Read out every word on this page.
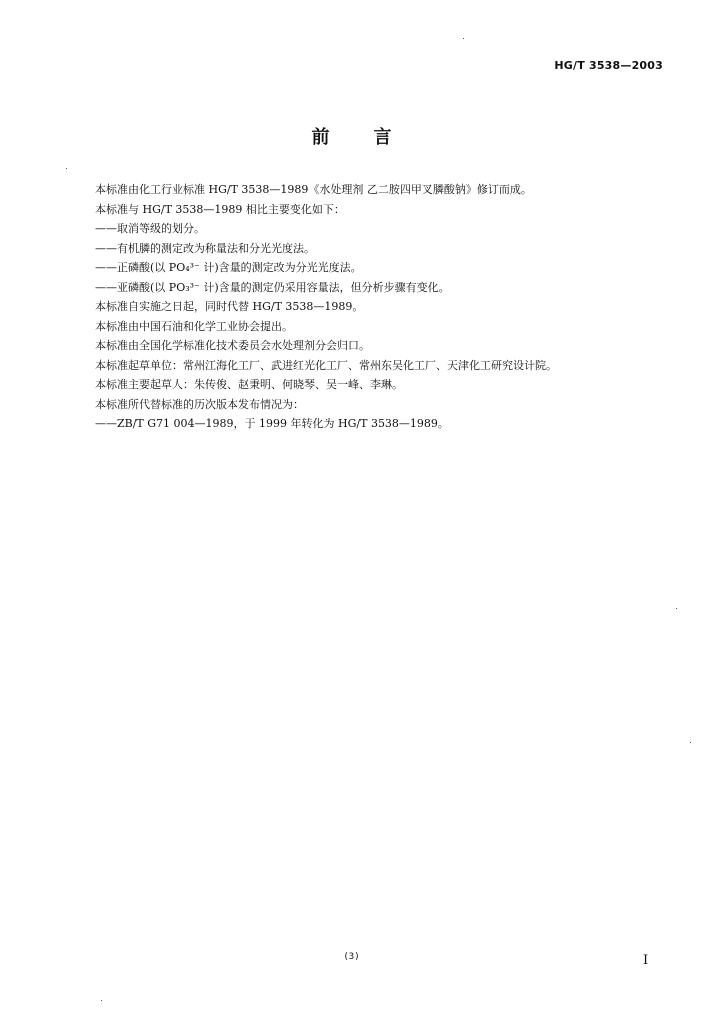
HG/T 3538—2003
前 言

本标准由化工行业标准 HG/T 3538—1989《水处理剂 乙二胺四甲叉膦酸钠》修订而成。

本标准与 HG/T 3538—1989 相比主要变化如下：

——取消等级的划分。

——有机膦的测定改为称量法和分光光度法。

——正磷酸(以 PO₄³⁻ 计)含量的测定改为分光光度法。

——亚磷酸(以 PO₃³⁻ 计)含量的测定仍采用容量法，但分析步骤有变化。

本标准自实施之日起，同时代替 HG/T 3538—1989。

本标准由中国石油和化学工业协会提出。

本标准由全国化学标准化技术委员会水处理剂分会归口。

本标准起草单位：常州江海化工厂、武进红光化工厂、常州东吴化工厂、天津化工研究设计院。

本标准主要起草人：朱传俊、赵秉明、何晓琴、吴一峰、李琳。

本标准所代替标准的历次版本发布情况为：

——ZB/T G71 004—1989，于 1999 年转化为 HG/T 3538—1989。

(3)	I
